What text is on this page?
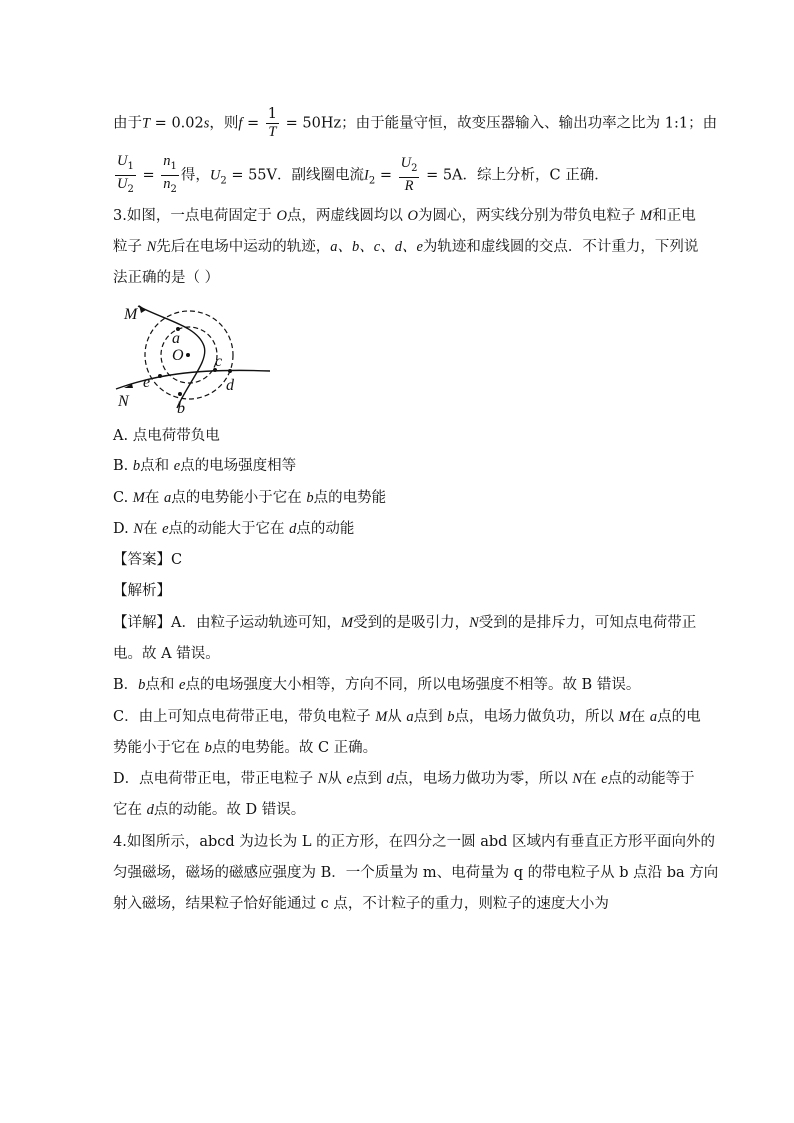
由于T = 0.02s，则$f = \frac{1}{T} = 50Hz$；由于能量守恒，故变压器输入、输出功率之比为 1:1；由
$\frac{U_1}{U_2} = \frac{n_1}{n_2}$ 得，$U_2 = 55V$．副线圈电流$I_2 = \frac{U_2}{R} = 5A$．综上分析，C 正确．
3.如图，一点电荷固定于 O点，两虚线圆均以 O为圆心，两实线分别为带负电粒子 M和正电
粒子 N先后在电场中运动的轨迹，a、b、c、d、e为轨迹和虚线圆的交点．不计重力，下列说
法正确的是（ ）
M
N
O
a
b
c
d
e
A. 点电荷带负电
B. b点和 e点的电场强度相等
C. M在 a点的电势能小于它在 b点的电势能
D. N在 e点的动能大于它在 d点的动能
【答案】C
【解析】
【详解】A．由粒子运动轨迹可知，M受到的是吸引力，N受到的是排斥力，可知点电荷带正
电。故 A 错误。
B．b点和 e点的电场强度大小相等，方向不同，所以电场强度不相等。故 B 错误。
C．由上可知点电荷带正电，带负电粒子 M从 a点到 b点，电场力做负功，所以 M在 a点的电
势能小于它在 b点的电势能。故 C 正确。
D．点电荷带正电，带正电粒子 N从 e点到 d点，电场力做功为零，所以 N在 e点的动能等于
它在 d点的动能。故 D 错误。
4.如图所示，abcd 为边长为 L 的正方形，在四分之一圆 abd 区域内有垂直正方形平面向外的
匀强磁场，磁场的磁感应强度为 B．一个质量为 m、电荷量为 q 的带电粒子从 b 点沿 ba 方向
射入磁场，结果粒子恰好能通过 c 点，不计粒子的重力，则粒子的速度大小为
